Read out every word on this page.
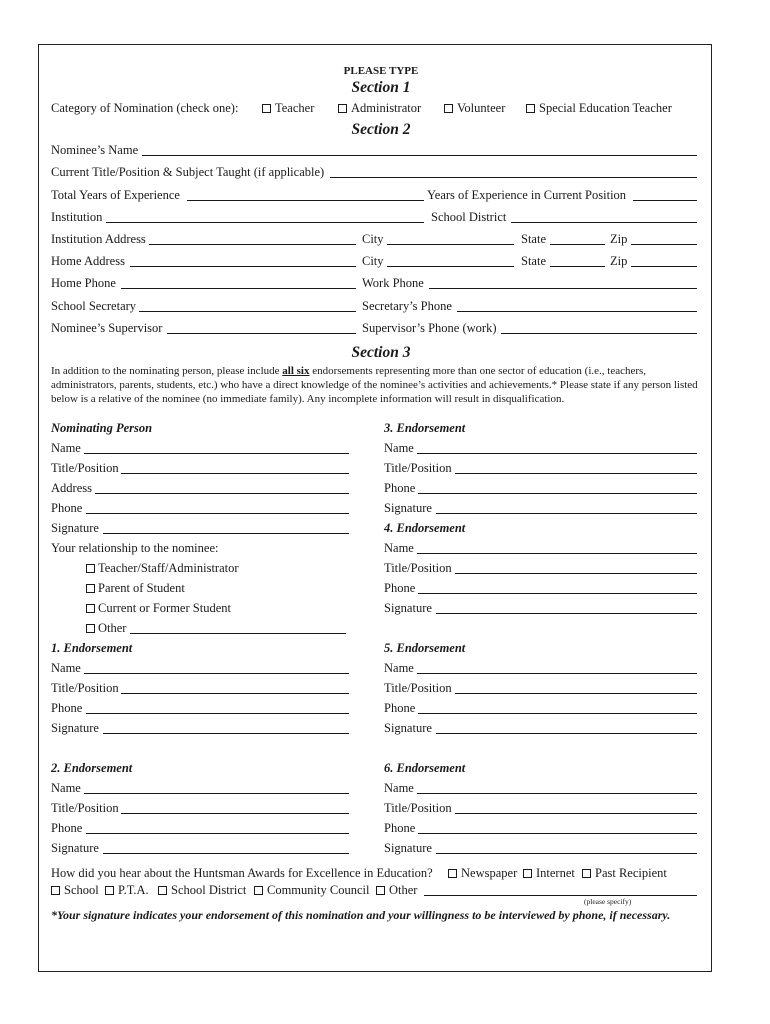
PLEASE TYPE
Section 1
Category of Nomination (check one):	Teacher	Administrator	Volunteer	Special Education Teacher
Section 2
Nominee’s Name
Current Title/Position & Subject Taught (if applicable)
Total Years of Experience	Years of Experience in Current Position
Institution	School District
Institution Address	City	State	Zip
Home Address	City	State	Zip
Home Phone	Work Phone
School Secretary	Secretary’s Phone
Nominee’s Supervisor	Supervisor’s Phone (work)
Section 3
In addition to the nominating person, please include all six endorsements representing more than one sector of education (i.e., teachers, administrators, parents, students, etc.) who have a direct knowledge of the nominee’s activities and achievements.* Please state if any person listed below is a relative of the nominee (no immediate family). Any incomplete information will result in disqualification.
Nominating Person
Name
Title/Position
Address
Phone
Signature
Your relationship to the nominee:
Teacher/Staff/Administrator
Parent of Student
Current or Former Student
Other
1. Endorsement
Name
Title/Position
Phone
Signature
2. Endorsement
Name
Title/Position
Phone
Signature
3. Endorsement
Name
Title/Position
Phone
Signature
4. Endorsement
Name
Title/Position
Phone
Signature
5. Endorsement
Name
Title/Position
Phone
Signature
6. Endorsement
Name
Title/Position
Phone
Signature
How did you hear about the Huntsman Awards for Excellence in Education? Newspaper Internet Past Recipient
School P.T.A. School District Community Council Other
(please specify)
*Your signature indicates your endorsement of this nomination and your willingness to be interviewed by phone, if necessary.
